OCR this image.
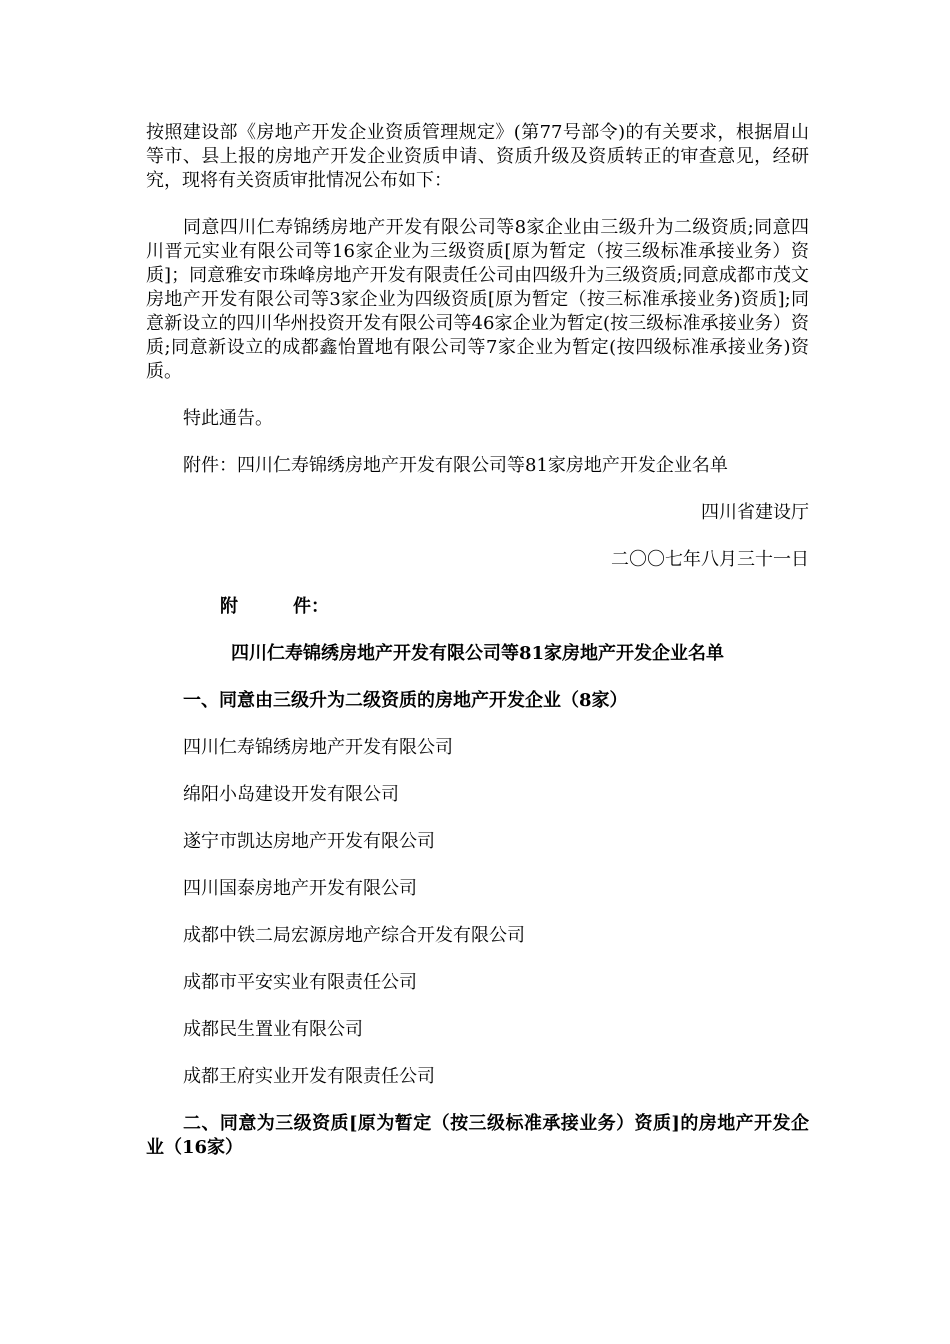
按照建设部《房地产开发企业资质管理规定》(第77号部令)的有关要求，根据眉山等市、县上报的房地产开发企业资质申请、资质升级及资质转正的审查意见，经研究，现将有关资质审批情况公布如下：

同意四川仁寿锦绣房地产开发有限公司等8家企业由三级升为二级资质;同意四川晋元实业有限公司等16家企业为三级资质[原为暂定（按三级标准承接业务）资质]；同意雅安市珠峰房地产开发有限责任公司由四级升为三级资质;同意成都市茂文房地产开发有限公司等3家企业为四级资质[原为暂定（按三标准承接业务)资质];同意新设立的四川华州投资开发有限公司等46家企业为暂定(按三级标准承接业务）资质;同意新设立的成都鑫怡置地有限公司等7家企业为暂定(按四级标准承接业务)资质。

特此通告。

附件：四川仁寿锦绣房地产开发有限公司等81家房地产开发企业名单

四川省建设厅

二〇〇七年八月三十一日

附	件：

四川仁寿锦绣房地产开发有限公司等81家房地产开发企业名单

一、同意由三级升为二级资质的房地产开发企业（8家）

四川仁寿锦绣房地产开发有限公司

绵阳小岛建设开发有限公司

遂宁市凯达房地产开发有限公司

四川国泰房地产开发有限公司

成都中铁二局宏源房地产综合开发有限公司

成都市平安实业有限责任公司

成都民生置业有限公司

成都王府实业开发有限责任公司

二、同意为三级资质[原为暂定（按三级标准承接业务）资质]的房地产开发企业（16家）
